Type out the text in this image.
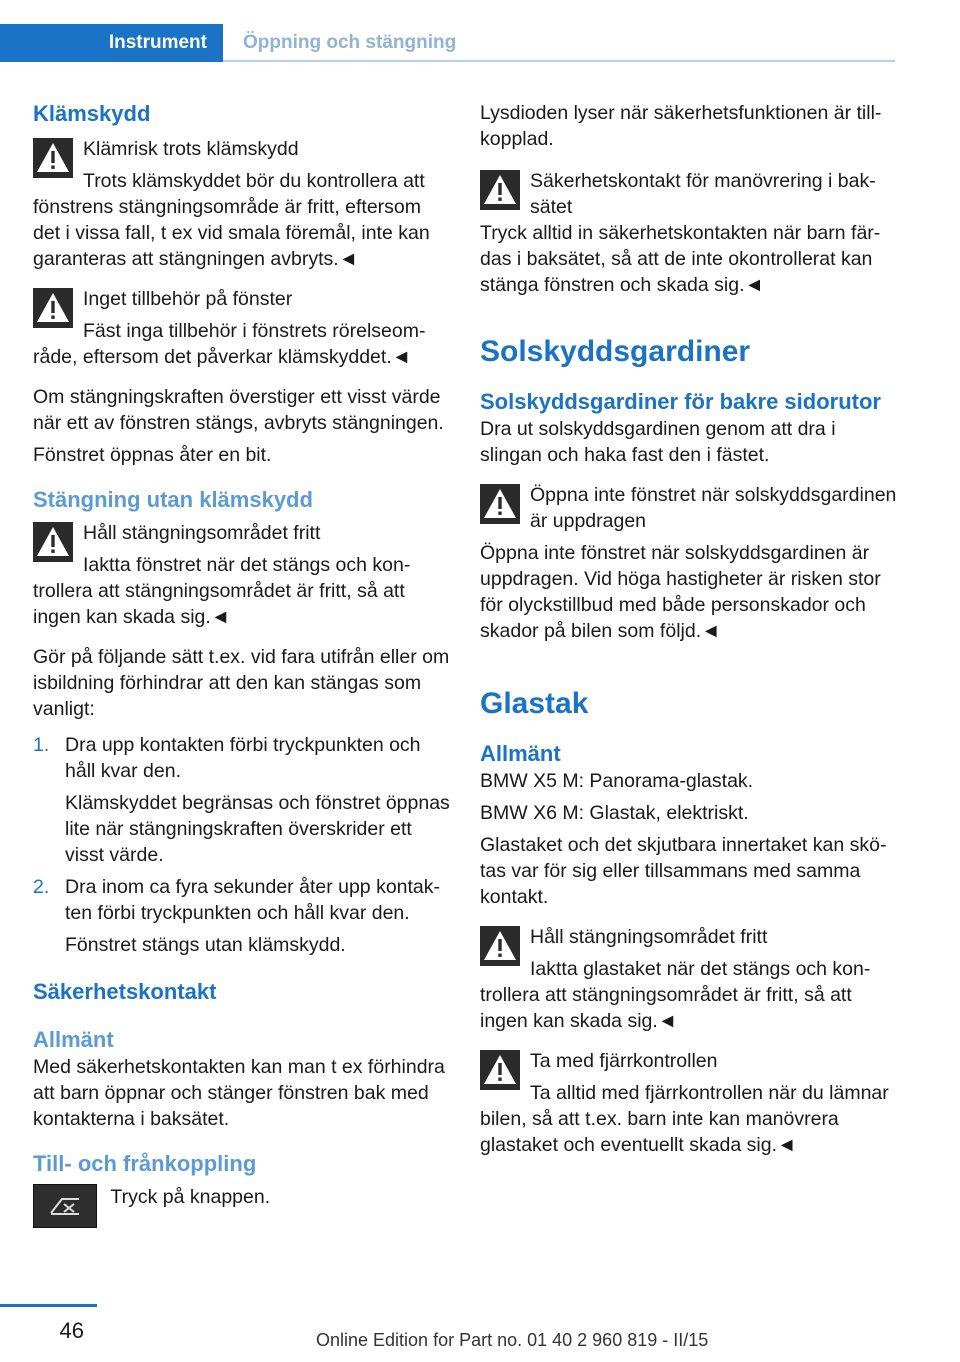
Instrument Öppning och stängning
Klämskydd

Klämrisk trots klämskydd

Trots klämskyddet bör du kontrollera att fönstrens stängningsområde är fritt, eftersom det i vissa fall, t ex vid smala föremål, inte kan garanteras att stängningen avbryts.◄

Inget tillbehör på fönster

Fäst inga tillbehör i fönstrets rörelseområde, eftersom det påverkar klämskyddet.◄

Om stängningskraften överstiger ett visst värde när ett av fönstren stängs, avbryts stängningen.

Fönstret öppnas åter en bit.

Stängning utan klämskydd

Håll stängningsområdet fritt

Iaktta fönstret när det stängs och kontrollera att stängningsområdet är fritt, så att ingen kan skada sig.◄

Gör på följande sätt t.ex. vid fara utifrån eller om isbildning förhindrar att den kan stängas som vanligt:

1. Dra upp kontakten förbi tryckpunkten och håll kvar den.

Klämskyddet begränsas och fönstret öppnas lite när stängningskraften överskrider ett visst värde.

2. Dra inom ca fyra sekunder åter upp kontakten förbi tryckpunkten och håll kvar den.

Fönstret stängs utan klämskydd.

Säkerhetskontakt
Allmänt

Med säkerhetskontakten kan man t ex förhindra att barn öppnar och stänger fönstren bak med kontakterna i baksätet.

Till- och frånkoppling
Tryck på knappen.

Lysdioden lyser när säkerhetsfunktionen är tillkopplad.

Säkerhetskontakt för manövrering i baksätet

Tryck alltid in säkerhetskontakten när barn färdas i baksätet, så att de inte okontrollerat kan stänga fönstren och skada sig.◄

Solskyddsgardiner
Solskyddsgardiner för bakre sidorutor

Dra ut solskyddsgardinen genom att dra i slingan och haka fast den i fästet.

Öppna inte fönstret när solskyddsgardinen är uppdragen

Öppna inte fönstret när solskyddsgardinen är uppdragen. Vid höga hastigheter är risken stor för olyckstillbud med både personskador och skador på bilen som följd.◄

Glastak
Allmänt

BMW X5 M: Panorama-glastak.

BMW X6 M: Glastak, elektriskt.

Glastaket och det skjutbara innertaket kan skötas var för sig eller tillsammans med samma kontakt.

Håll stängningsområdet fritt

Iaktta glastaket när det stängs och kontrollera att stängningsområdet är fritt, så att ingen kan skada sig.◄

Ta med fjärrkontrollen

Ta alltid med fjärrkontrollen när du lämnar bilen, så att t.ex. barn inte kan manövrera glastaket och eventuellt skada sig.◄

46	Online Edition for Part no. 01 40 2 960 819 - II/15
